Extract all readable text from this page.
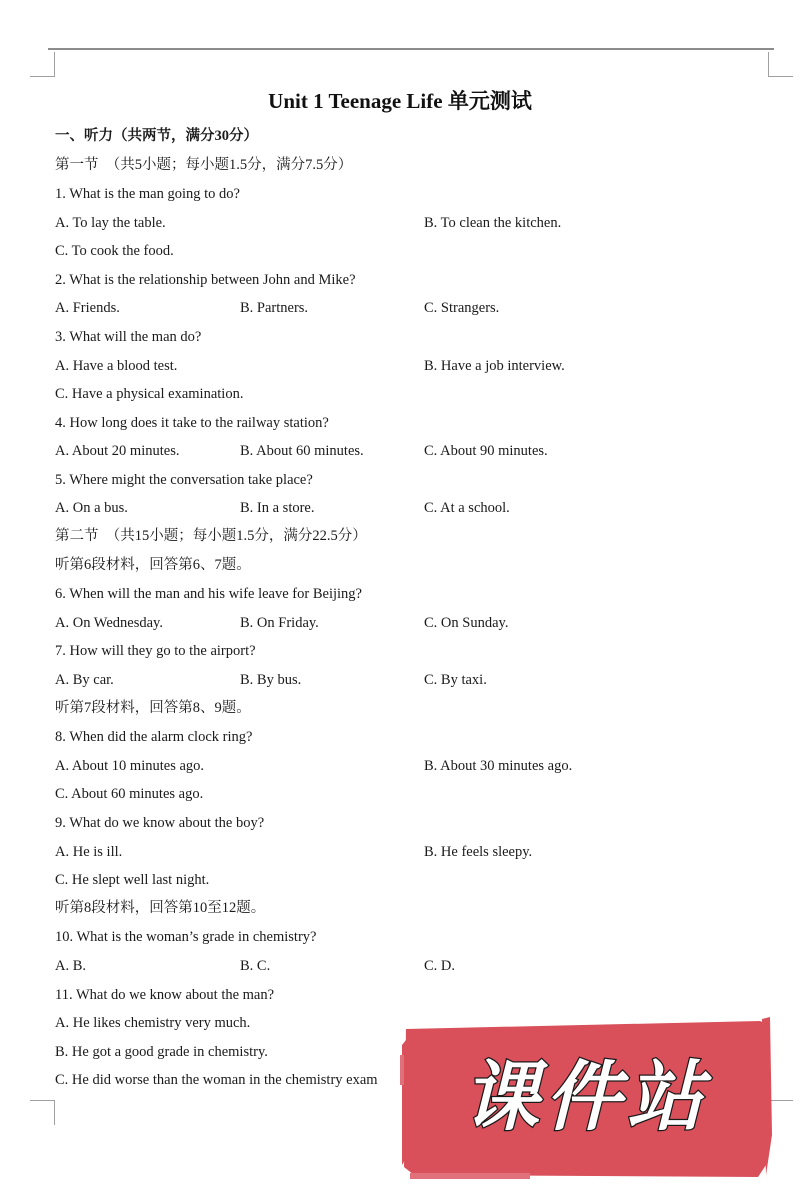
Unit 1 Teenage Life 单元测试
一、听力（共两节，满分30分）
第一节　（共5小题；每小题1.5分，满分7.5分）
1. What is the man going to do?
A. To lay the table.	B. To clean the kitchen.
C. To cook the food.
2. What is the relationship between John and Mike?
A. Friends.	B. Partners.	C. Strangers.
3. What will the man do?
A. Have a blood test.	B. Have a job interview.
C. Have a physical examination.
4. How long does it take to the railway station?
A. About 20 minutes.	B. About 60 minutes.	C. About 90 minutes.
5. Where might the conversation take place?
A. On a bus.	B. In a store.	C. At a school.
第二节　（共15小题；每小题1.5分，满分22.5分）
听第6段材料，回答第6、7题。
6. When will the man and his wife leave for Beijing?
A. On Wednesday.	B. On Friday.	C. On Sunday.
7. How will they go to the airport?
A. By car.	B. By bus.	C. By taxi.
听第7段材料，回答第8、9题。
8. When did the alarm clock ring?
A. About 10 minutes ago.	B. About 30 minutes ago.
C. About 60 minutes ago.
9. What do we know about the boy?
A. He is ill.	B. He feels sleepy.
C. He slept well last night.
听第8段材料，回答第10至12题。
10. What is the woman’s grade in chemistry?
A. B.	B. C.	C. D.
11. What do we know about the man?
A. He likes chemistry very much.
B. He got a good grade in chemistry.
C. He did worse than the woman in the chemistry exam 课件站
